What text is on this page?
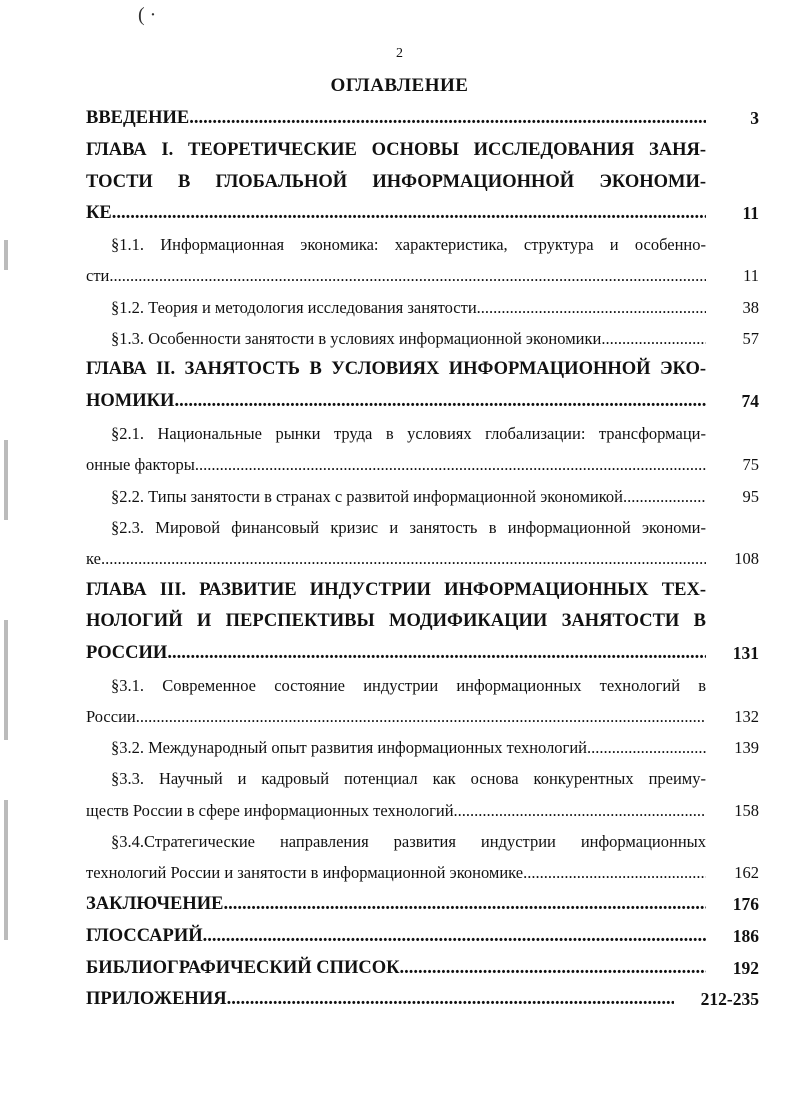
( ·
2
ОГЛАВЛЕНИЕ
ВВЕДЕНИЕ .....	3
ГЛАВА I. ТЕОРЕТИЧЕСКИЕ ОСНОВЫ ИССЛЕДОВАНИЯ ЗАНЯ-
ТОСТИ В ГЛОБАЛЬНОЙ ИНФОРМАЦИОННОЙ ЭКОНОМИ-
КЕ .....	11
§1.1. Информационная экономика: характеристика, структура и особенно-
сти .....	11
§1.2. Теория и методология исследования занятости .....	38
§1.3. Особенности занятости в условиях информационной экономики .....	57
ГЛАВА II. ЗАНЯТОСТЬ В УСЛОВИЯХ ИНФОРМАЦИОННОЙ ЭКО-
НОМИКИ .....	74
§2.1. Национальные рынки труда в условиях глобализации: трансформаци-
онные факторы .....	75
§2.2. Типы занятости в странах с развитой информационной экономикой .....	95
§2.3. Мировой финансовый кризис и занятость в информационной экономи-
ке .....	108
ГЛАВА III. РАЗВИТИЕ ИНДУСТРИИ ИНФОРМАЦИОННЫХ ТЕХ-
НОЛОГИЙ И ПЕРСПЕКТИВЫ МОДИФИКАЦИИ ЗАНЯТОСТИ В
РОССИИ .....	131
§3.1. Современное состояние индустрии информационных технологий в
России .....	132
§3.2. Международный опыт развития информационных технологий .....	139
§3.3. Научный и кадровый потенциал как основа конкурентных преиму-
ществ России в сфере информационных технологий .....	158
§3.4.Стратегические направления развития индустрии информационных
технологий России и занятости в информационной экономике .....	162
ЗАКЛЮЧЕНИЕ .....	176
ГЛОССАРИЙ .....	186
БИБЛИОГРАФИЧЕСКИЙ СПИСОК .....	192
ПРИЛОЖЕНИЯ .....	212-235
